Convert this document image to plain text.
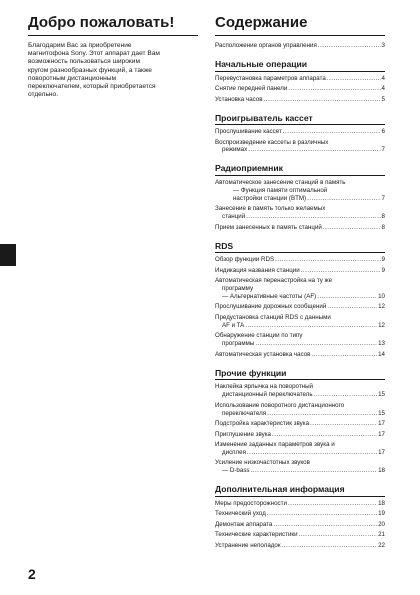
Добро пожаловать!
Благодарим Вас за приобретение
магнитофона Sony. Этот аппарат дает Вам
возможность пользоваться широким
кругом разнообразных функций, а также
поворотным дистанционным
переключателем, который приобретается
отдельно.
Содержание
Расположение органов управления .....	3
Начальные операции
Перевустановка параметров аппарата .....	4
Снятие передней панели .....	4
Установка часов .....	5
Проигрыватель кассет
Прослушивание кассет .....	6
Воспроизведение кассеты в различных
режимах .....	7
Радиоприемник
Автоматическое занесение станций в память
— Функция памяти оптимальной
настройки станции (BTM) .....	7
Занесение в память только желаемых
станций .....	8
Прием занесенных в память станций .....	8
RDS
Обзор функции RDS .....	9
Индикация названия станции .....	9
Автоматическая перенастройка на ту же
программу
— Альтернативные частоты (AF) .....	10
Прослушивание дорожных сообщений .....	12
Предустановка станций RDS с данными
AF и TA .....	12
Обнаружение станции по типу
программы .....	13
Автоматическая установка часов .....	14
Прочие функции
Наклейка ярлычка на поворотный
дистанционный переключатель .....	15
Использование поворотного дистанционного
переключателя .....	15
Подстройка характеристик звука .....	17
Приглушение звука .....	17
Изменение заданных параметров звука и
дисплея .....	17
Усиление низкочастотных звуков
— D-bass .....	18
Дополнительная информация
Меры предосторожности .....	18
Технический уход .....	19
Демонтаж аппарата .....	20
Технические характеристики .....	21
Устранение неполадок .....	22
2
